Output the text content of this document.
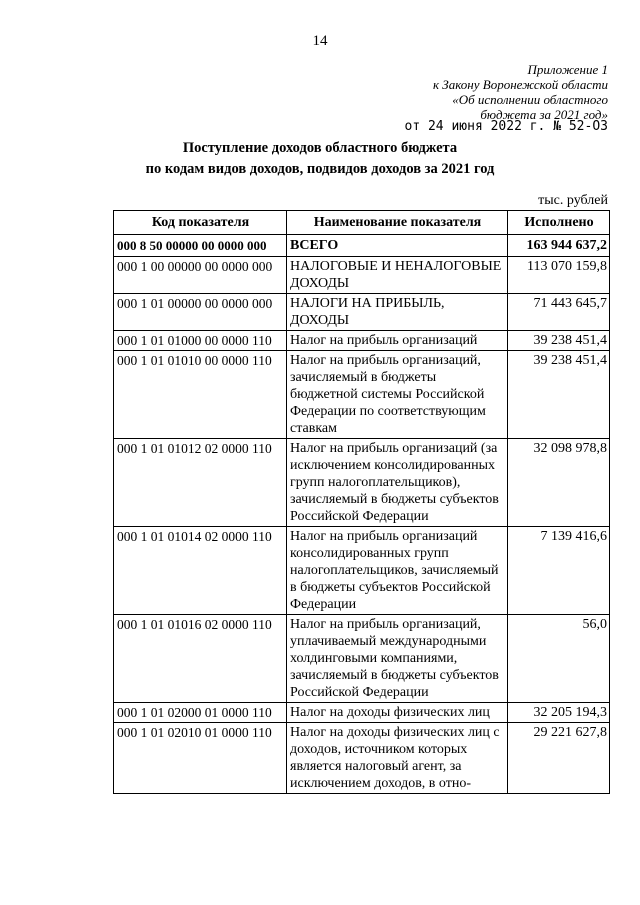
14
Приложение 1
к Закону Воронежской области
«Об исполнении областного
бюджета за 2021 год»
от 24 июня 2022 г. № 52-ОЗ
Поступление доходов областного бюджета
по кодам видов доходов, подвидов доходов за 2021 год
тыс. рублей
Код показателя	Наименование показателя	Исполнено
000 8 50 00000 00 0000 000	ВСЕГО	163 944 637,2
000 1 00 00000 00 0000 000	НАЛОГОВЫЕ И НЕНАЛОГОВЫЕ ДОХОДЫ	113 070 159,8
000 1 01 00000 00 0000 000	НАЛОГИ НА ПРИБЫЛЬ, ДОХОДЫ	71 443 645,7
000 1 01 01000 00 0000 110	Налог на прибыль организаций	39 238 451,4
000 1 01 01010 00 0000 110	Налог на прибыль организаций, зачисляемый в бюджеты бюджетной системы Российской Федерации по соответствующим ставкам	39 238 451,4
000 1 01 01012 02 0000 110	Налог на прибыль организаций (за исключением консолидированных групп налогоплательщиков), зачисляемый в бюджеты субъектов Российской Федерации	32 098 978,8
000 1 01 01014 02 0000 110	Налог на прибыль организаций консолидированных групп налогоплательщиков, зачисляемый в бюджеты субъектов Российской Федерации	7 139 416,6
000 1 01 01016 02 0000 110	Налог на прибыль организаций, уплачиваемый международными холдинговыми компаниями, зачисляемый в бюджеты субъектов Российской Федерации	56,0
000 1 01 02000 01 0000 110	Налог на доходы физических лиц	32 205 194,3
000 1 01 02010 01 0000 110	Налог на доходы физических лиц с доходов, источником которых является налоговый агент, за исключением доходов, в отно-	29 221 627,8
